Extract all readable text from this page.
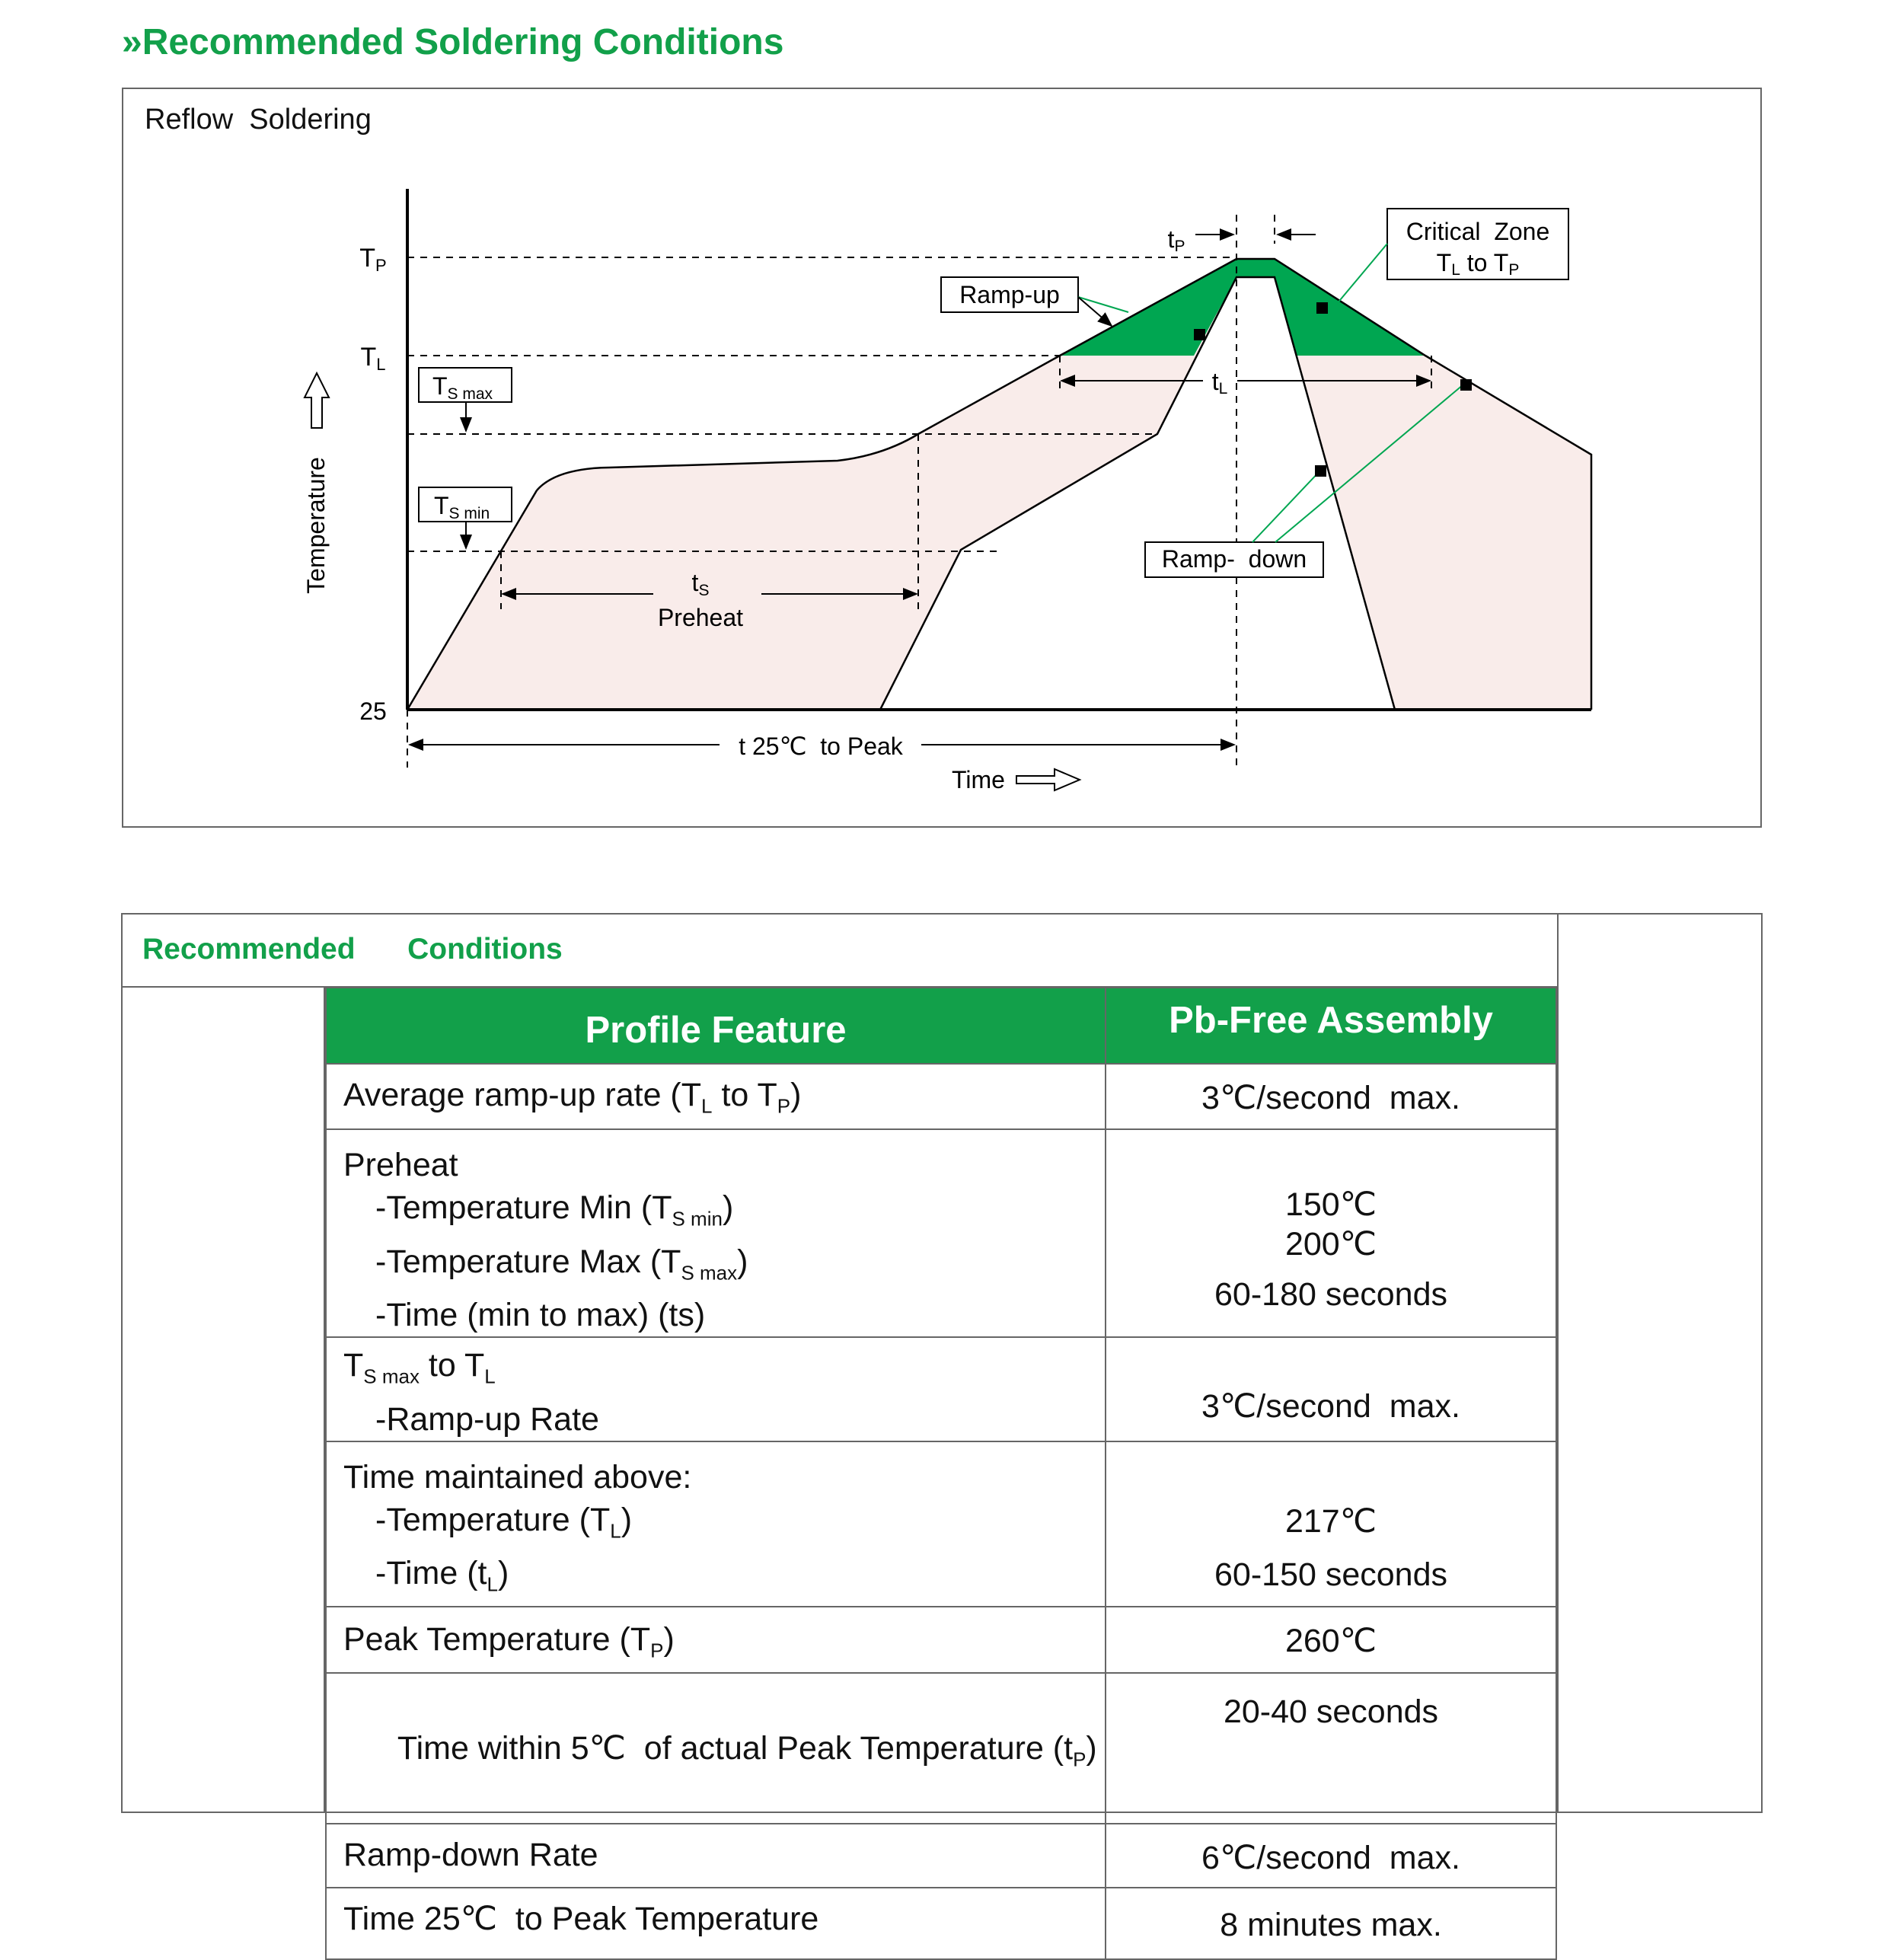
»Recommended Soldering Conditions
Reflow  Soldering
TP
TL
25
Temperature
Time
TS max
TS min
tS
Preheat
t 25℃  to Peak
tL
tP
Ramp-up
Critical  Zone
TL to TP
Ramp-  down
Recommended   Conditions
Profile Feature	Pb-Free Assembly
Average ramp-up rate ($T_L$ to $T_P$)	3℃/second  max.

Preheat
-Temperature Min $(T_{S min})$
-Temperature Max $(T_{S max})$
-Time (min to max) (ts)	150℃
200℃
60-180 seconds

$T_{S max}$ to $T_L$
-Ramp-up Rate	3℃/second  max.

Time maintained above:
-Temperature $(T_L)$
-Time $(t_L)$	217℃
60-150 seconds

Peak Temperature $(T_P)$	260℃

Time within 5℃  of actual Peak Temperature $(t_P)$	20-40 seconds
Ramp-down Rate	6℃/second  max.
Time 25℃  to Peak Temperature	8 minutes max.
